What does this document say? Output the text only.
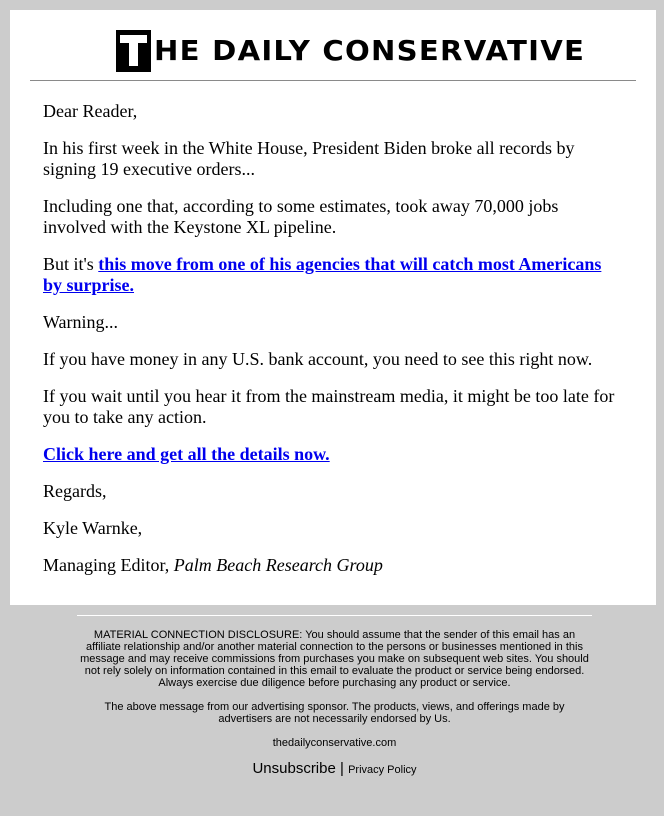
HE DAILY CONSERVATIVE

Dear Reader,

In his first week in the White House, President Biden broke all records by signing 19 executive orders...

Including one that, according to some estimates, took away 70,000 jobs involved with the Keystone XL pipeline.

But it's this move from one of his agencies that will catch most Americans by surprise.

Warning...

If you have money in any U.S. bank account, you need to see this right now.

If you wait until you hear it from the mainstream media, it might be too late for you to take any action.

Click here and get all the details now.

Regards,

Kyle Warnke,

Managing Editor, Palm Beach Research Group

MATERIAL CONNECTION DISCLOSURE: You should assume that the sender of this email has an affiliate relationship and/or another material connection to the persons or businesses mentioned in this message and may receive commissions from purchases you make on subsequent web sites. You should not rely solely on information contained in this email to evaluate the product or service being endorsed. Always exercise due diligence before purchasing any product or service.

The above message from our advertising sponsor. The products, views, and offerings made by advertisers are not necessarily endorsed by Us.

thedailyconservative.com

Unsubscribe | Privacy Policy
